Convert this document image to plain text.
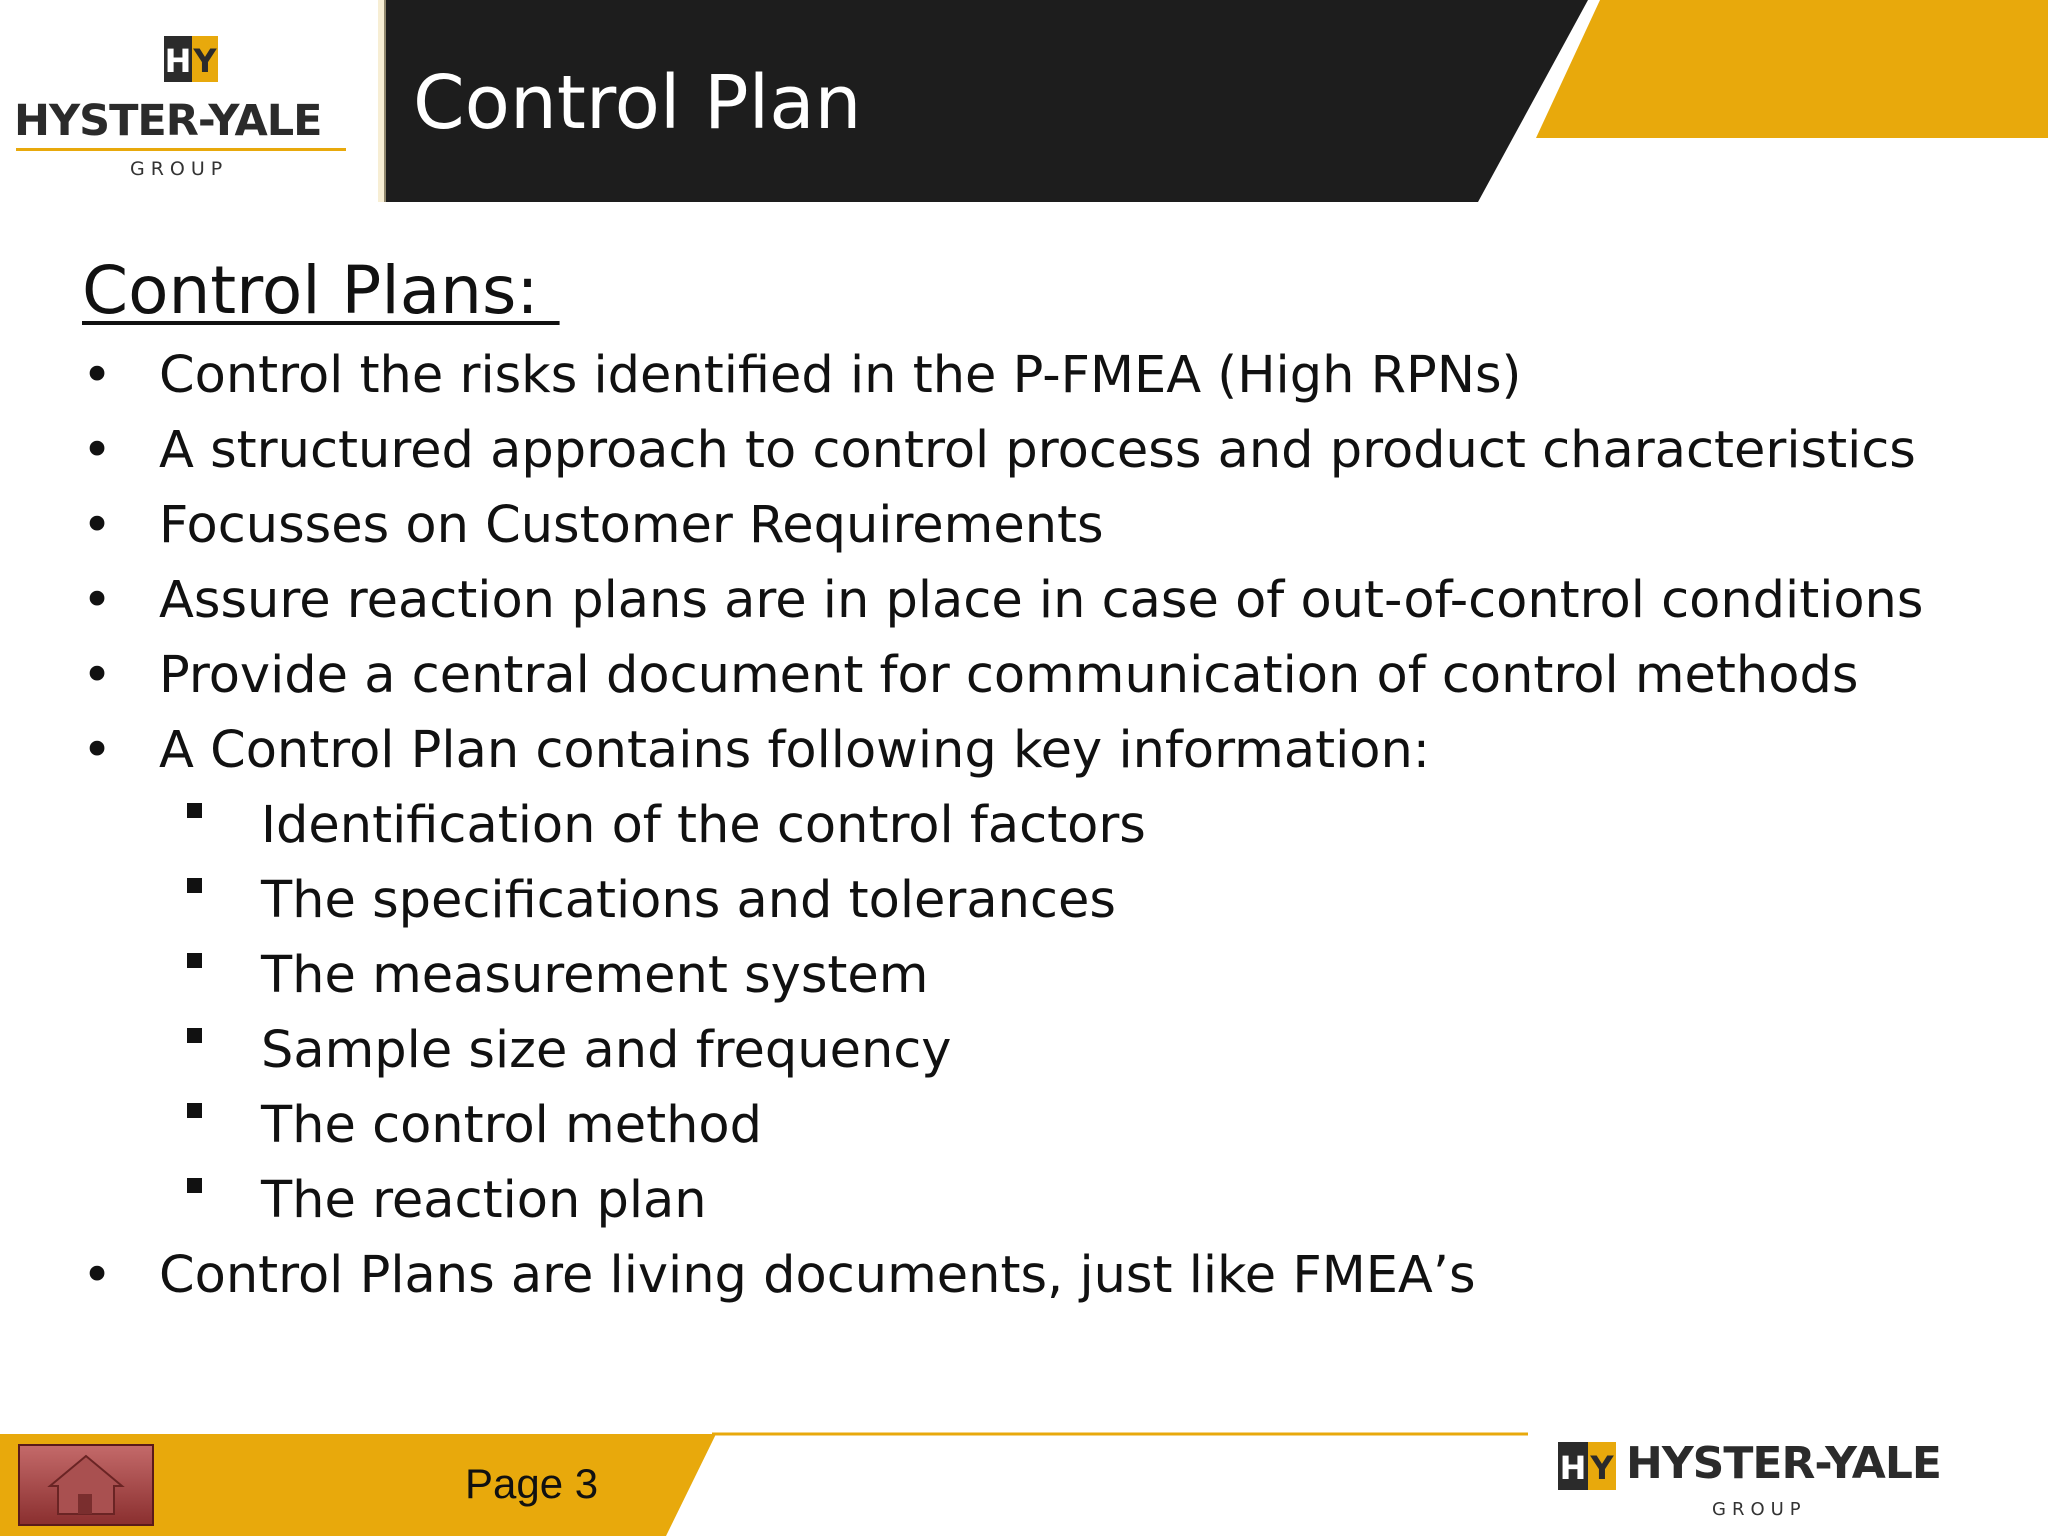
H Y
HYSTER-YALE
GROUP
Control Plan
Control Plans:
• Control the risks identified in the P-FMEA (High RPNs)
• A structured approach to control process and product characteristics
• Focusses on Customer Requirements
• Assure reaction plans are in place in case of out-of-control conditions
• Provide a central document for communication of control methods
• A Control Plan contains following key information:
Identification of the control factors
The specifications and tolerances
The measurement system
Sample size and frequency
The control method
The reaction plan
• Control Plans are living documents, just like FMEA’s
Page 3	H Y HYSTER-YALE
GROUP
